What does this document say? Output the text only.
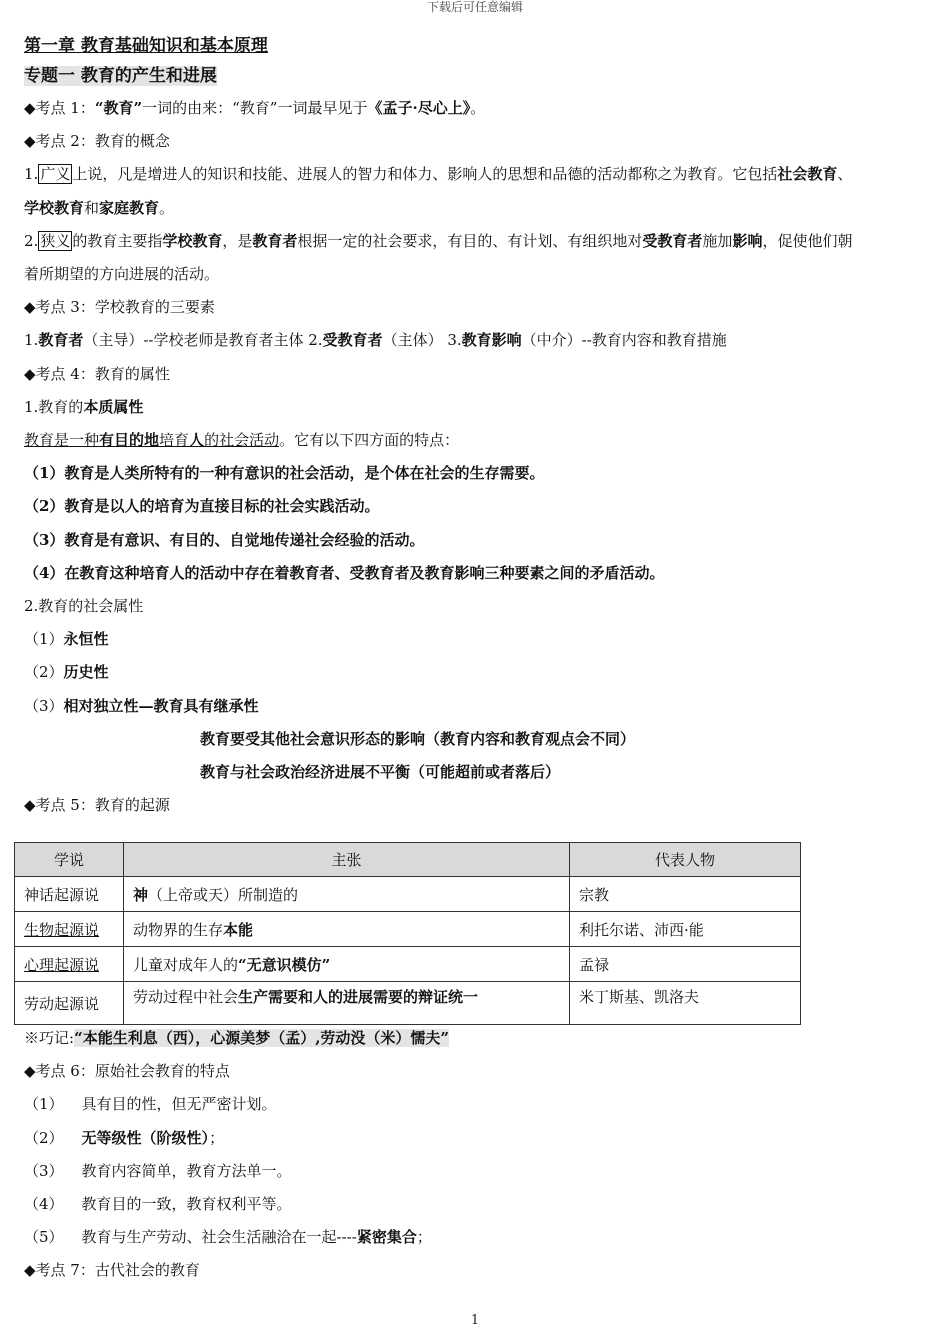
下载后可任意编辑
第一章 教育基础知识和基本原理
专题一 教育的产生和进展
◆考点 1：“教育”一词的由来：“教育”一词最早见于《孟子·尽心上》。
◆考点 2：教育的概念
1. 广义 上说，凡是增进人的知识和技能、进展人的智力和体力、影响人的思想和品德的活动都称之为教育。它包括社会教育、
学校教育和家庭教育。
2. 狭义 的教育主要指学校教育，是教育者根据一定的社会要求，有目的、有计划、有组织地对受教育者施加影响，促使他们朝
着所期望的方向进展的活动。
◆考点 3：学校教育的三要素
1.教育者（主导）--学校老师是教育者主体 2.受教育者（主体） 3.教育影响（中介）--教育内容和教育措施
◆考点 4：教育的属性
1.教育的本质属性
教育是一种有目的地培育人的社会活动。它有以下四方面的特点：
（1）教育是人类所特有的一种有意识的社会活动，是个体在社会的生存需要。
（2）教育是以人的培育为直接目标的社会实践活动。
（3）教育是有意识、有目的、自觉地传递社会经验的活动。
（4）在教育这种培育人的活动中存在着教育者、受教育者及教育影响三种要素之间的矛盾活动。
2.教育的社会属性
（1）永恒性
（2）历史性
（3）相对独立性—教育具有继承性
教育要受其他社会意识形态的影响（教育内容和教育观点会不同）
教育与社会政治经济进展不平衡（可能超前或者落后）
◆考点 5：教育的起源
学说	主张	代表人物
神话起源说	神（上帝或天）所制造的	宗教
生物起源说	动物界的生存本能	利托尔诺、沛西·能
心理起源说	儿童对成年人的“无意识模仿”	孟禄
劳动起源说	劳动过程中社会生产需要和人的进展需要的辩证统一	米丁斯基、凯洛夫
※巧记:“本能生利息（西），心源美梦（孟）,劳动没（米）懦夫”
◆考点 6：原始社会教育的特点
（1） 具有目的性，但无严密计划。
（2） 无等级性（阶级性）；
（3） 教育内容简单，教育方法单一。
（4） 教育目的一致，教育权利平等。
（5） 教育与生产劳动、社会生活融洽在一起----紧密集合；
◆考点 7：古代社会的教育
1
